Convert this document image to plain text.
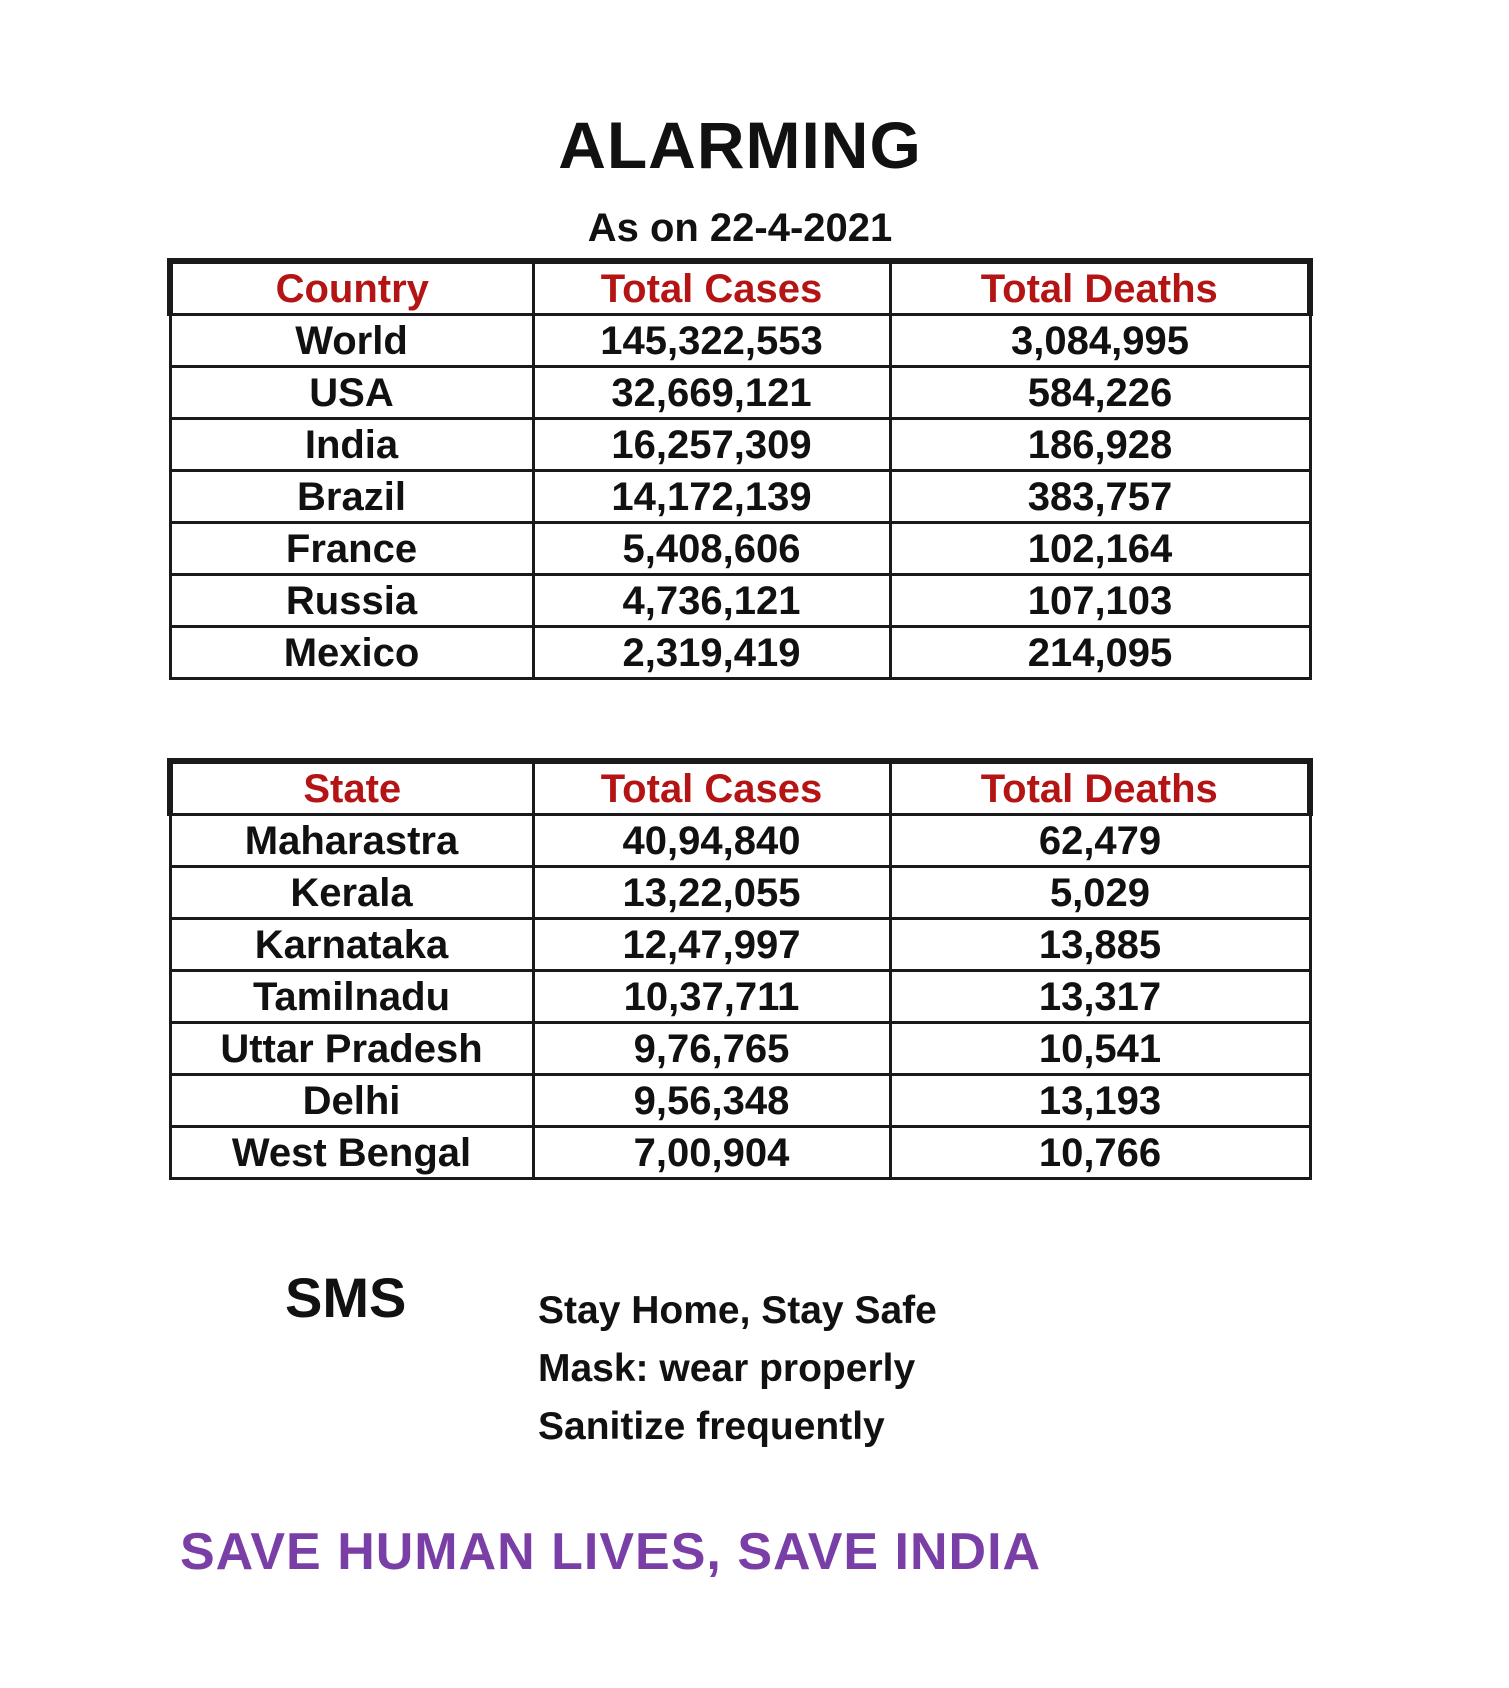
ALARMING
As on 22-4-2021
Country	Total Cases	Total Deaths
World	145,322,553	3,084,995
USA	32,669,121	584,226
India	16,257,309	186,928
Brazil	14,172,139	383,757
France	5,408,606	102,164
Russia	4,736,121	107,103
Mexico	2,319,419	214,095
State	Total Cases	Total Deaths
Maharastra	40,94,840	62,479
Kerala	13,22,055	5,029
Karnataka	12,47,997	13,885
Tamilnadu	10,37,711	13,317
Uttar Pradesh	9,76,765	10,541
Delhi	9,56,348	13,193
West Bengal	7,00,904	10,766
SMS	Stay Home, Stay Safe
Mask: wear properly
Sanitize frequently
SAVE HUMAN LIVES, SAVE INDIA
